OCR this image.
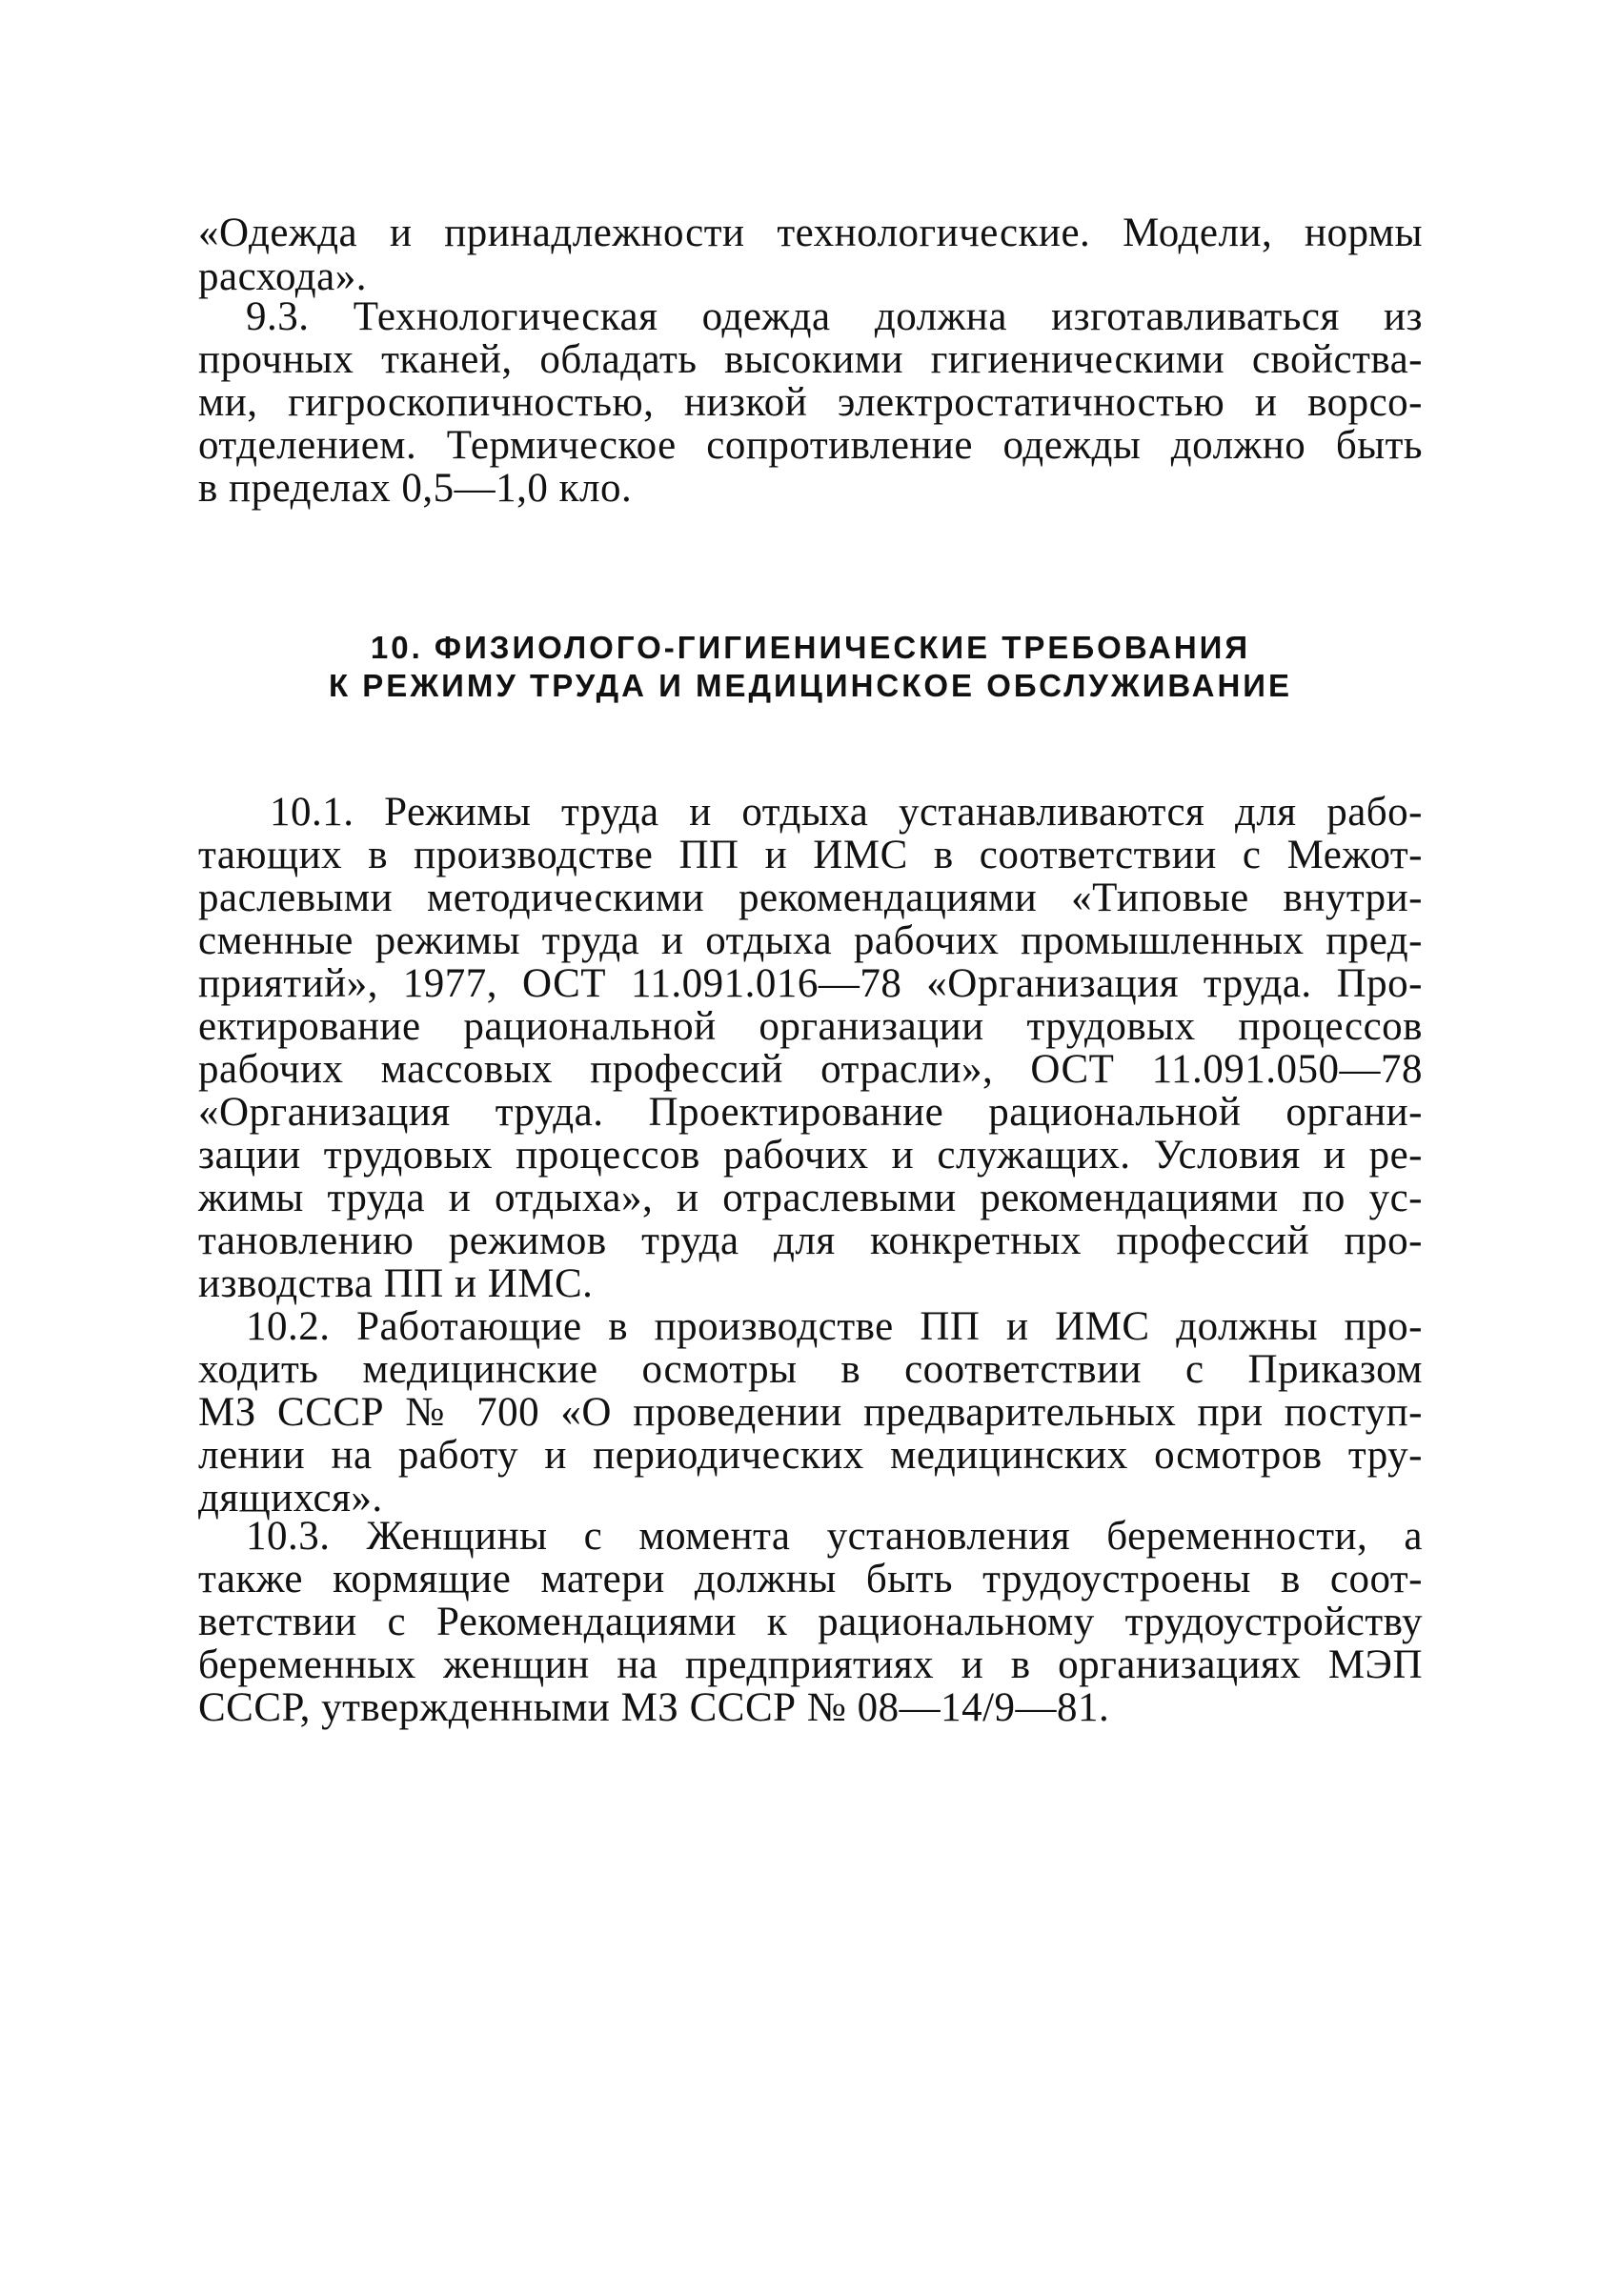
«Одежда и принадлежности технологические. Модели, нормы
расхода».
9.3. Технологическая одежда должна изготавливаться из
прочных тканей, обладать высокими гигиеническими свойства-
ми, гигроскопичностью, низкой электростатичностью и ворсо-
отделением. Термическое сопротивление одежды должно быть
в пределах 0,5—1,0 кло.
10. ФИЗИОЛОГО-ГИГИЕНИЧЕСКИЕ ТРЕБОВАНИЯ
К РЕЖИМУ ТРУДА И МЕДИЦИНСКОЕ ОБСЛУЖИВАНИЕ
10.1. Режимы труда и отдыха устанавливаются для рабо-
тающих в производстве ПП и ИМС в соответствии с Межот-
раслевыми методическими рекомендациями «Типовые внутри-
сменные режимы труда и отдыха рабочих промышленных пред-
приятий», 1977, ОСТ 11.091.016—78 «Организация труда. Про-
ектирование рациональной организации трудовых процессов
рабочих массовых профессий отрасли», ОСТ 11.091.050—78
«Организация труда. Проектирование рациональной органи-
зации трудовых процессов рабочих и служащих. Условия и ре-
жимы труда и отдыха», и отраслевыми рекомендациями по ус-
тановлению режимов труда для конкретных профессий про-
изводства ПП и ИМС.
10.2. Работающие в производстве ПП и ИМС должны про-
ходить медицинские осмотры в соответствии с Приказом
МЗ СССР № 700 «О проведении предварительных при поступ-
лении на работу и периодических медицинских осмотров тру-
дящихся».
10.3. Женщины с момента установления беременности, а
также кормящие матери должны быть трудоустроены в соот-
ветствии с Рекомендациями к рациональному трудоустройству
беременных женщин на предприятиях и в организациях МЭП
СССР, утвержденными МЗ СССР № 08—14/9—81.
